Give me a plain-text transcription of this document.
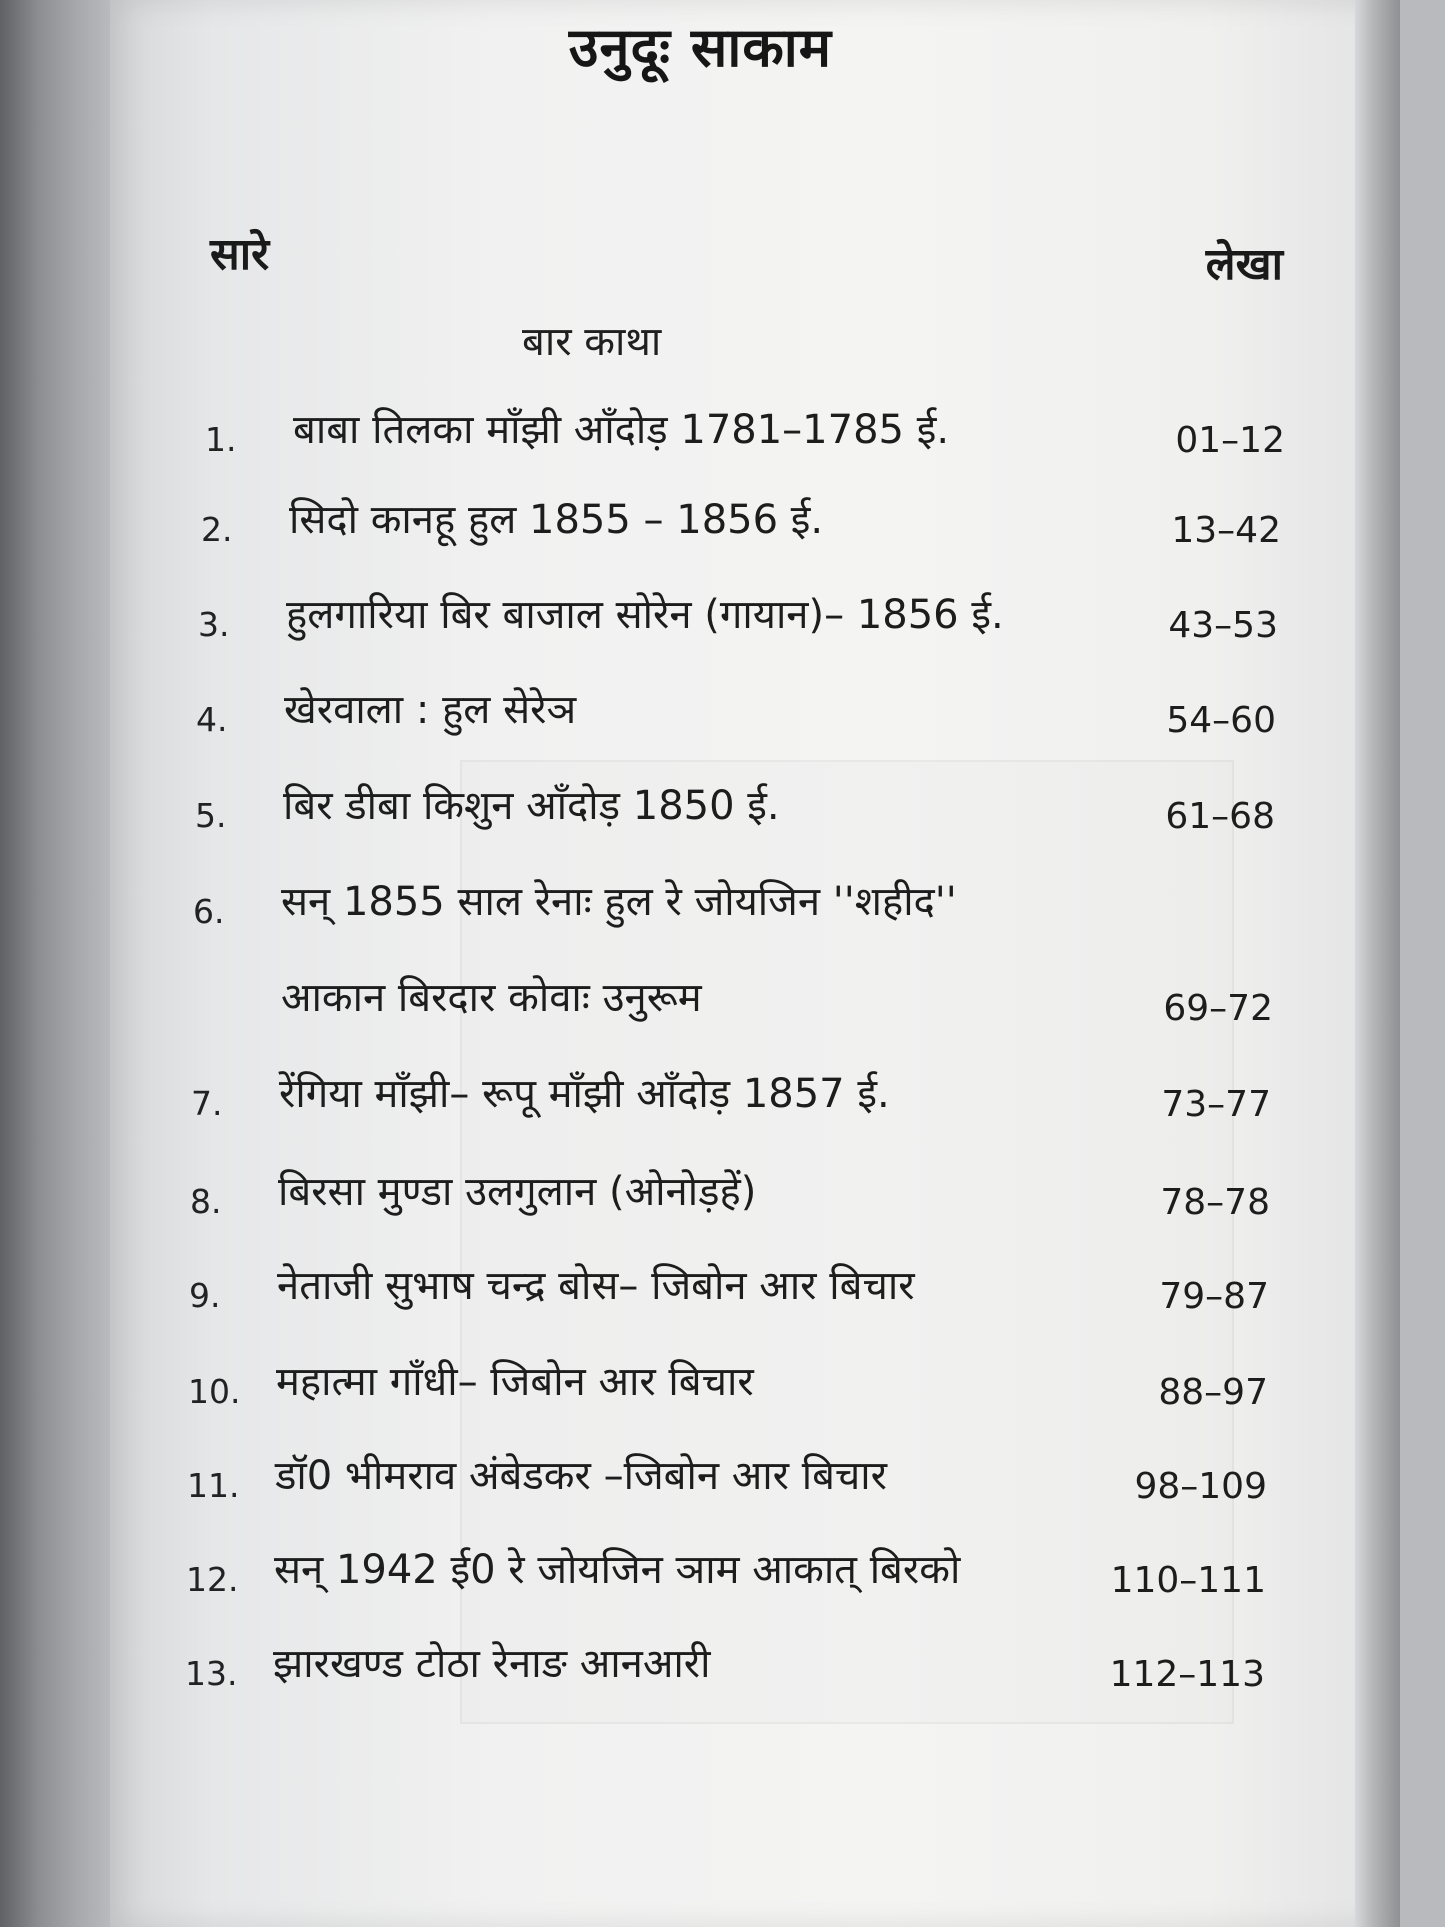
उनुदूः साकाम
सारे	लेखा
बार काथा
1. बाबा तिलका माँझी आँदोड़ 1781–1785 ई.	01–12
2. सिदो कानहू हुल 1855 – 1856 ई.	13–42
3. हुलगारिया बिर बाजाल सोरेन (गायान)– 1856 ई.	43–53
4. खेरवाला : हुल सेरेञ	54–60
5. बिर डीबा किशुन आँदोड़ 1850 ई.	61–68
6. सन् 1855 साल रेनाः हुल रे जोयजिन ''शहीद''
आकान बिरदार कोवाः उनुरूम	69–72
7. रेंगिया माँझी– रूपू माँझी आँदोड़ 1857 ई.	73–77
8. बिरसा मुण्डा उलगुलान (ओनोड़हें)	78–78
9. नेताजी सुभाष चन्द्र बोस– जिबोन आर बिचार	79–87
10. महात्मा गाँधी– जिबोन आर बिचार	88–97
11. डॉ0 भीमराव अंबेडकर –जिबोन आर बिचार	98–109
12. सन् 1942 ई0 रे जोयजिन ञाम आकात् बिरको	110–111
13. झारखण्ड टोठा रेनाङ आनआरी	112–113
